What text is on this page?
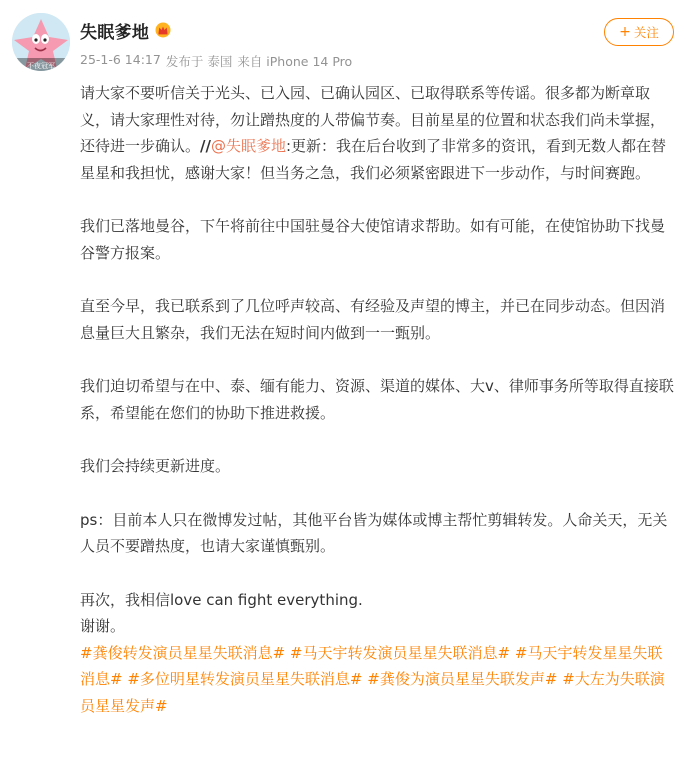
不夜冠军
失眠爹地
25-1-6 14:17 发布于 泰国 来自 iPhone 14 Pro
+ 关注

请大家不要听信关于光头、已入园、已确认园区、已取得联系等传谣。很多都为断章取义，请大家理性对待，勿让蹭热度的人带偏节奏。目前星星的位置和状态我们尚未掌握，还待进一步确认。//@失眠爹地:更新：我在后台收到了非常多的资讯，看到无数人都在替星星和我担忧，感谢大家！但当务之急，我们必须紧密跟进下一步动作，与时间赛跑。

我们已落地曼谷，下午将前往中国驻曼谷大使馆请求帮助。如有可能，在使馆协助下找曼谷警方报案。

直至今早，我已联系到了几位呼声较高、有经验及声望的博主，并已在同步动态。但因消息量巨大且繁杂，我们无法在短时间内做到一一甄别。

我们迫切希望与在中、泰、缅有能力、资源、渠道的媒体、大v、律师事务所等取得直接联系，希望能在您们的协助下推进救援。

我们会持续更新进度。

ps：目前本人只在微博发过帖，其他平台皆为媒体或博主帮忙剪辑转发。人命关天，无关人员不要蹭热度，也请大家谨慎甄别。

再次，我相信love can fight everything.

谢谢。

#龚俊转发演员星星失联消息# #马天宇转发演员星星失联消息# #马天宇转发星星失联消息# #多位明星转发演员星星失联消息# #龚俊为演员星星失联发声# #大左为失联演员星星发声#
